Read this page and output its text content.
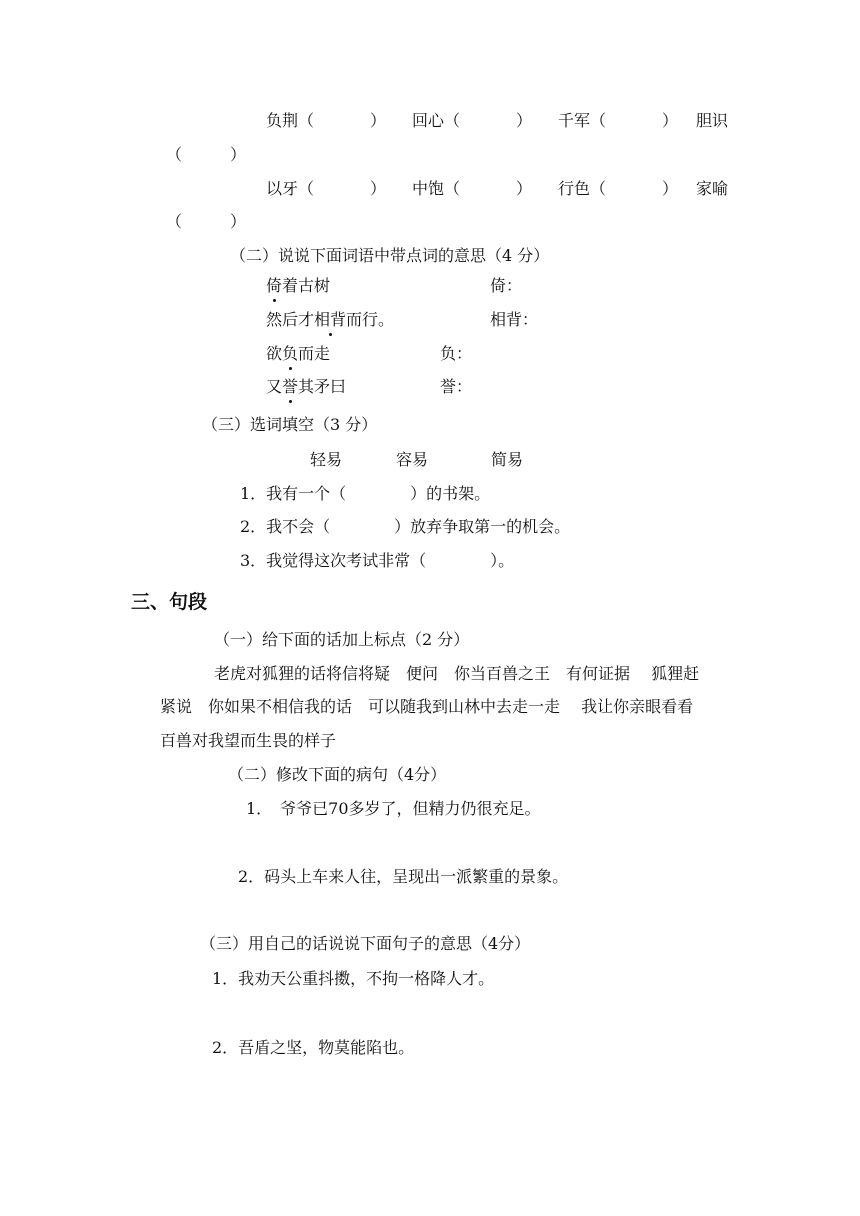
负荆（	） 回心（	） 千军（	） 胆识
（　　　）
以牙（	） 中饱（	） 行色（	） 家喻
（　　　）
（二）说说下面词语中带点词的意思（4 分）
倚着古树	倚：
然后才相背而行。	相背：
欲负而走	负：
又誉其矛曰	誉：
（三）选词填空（3 分）
轻易	容易	简易
1．我有一个（　　　　）的书架。
2．我不会（　　　　）放弃争取第一的机会。
3．我觉得这次考试非常（　　　　）。
三、句段
（一）给下面的话加上标点（2 分）
老虎对狐狸的话将信将疑　便问　你当百兽之王　有何证据　 狐狸赶
紧说　你如果不相信我的话　可以随我到山林中去走一走　 我让你亲眼看看
百兽对我望而生畏的样子
（二）修改下面的病句（4分）
1．　爷爷已70多岁了，但精力仍很充足。
2．码头上车来人往，呈现出一派繁重的景象。
（三）用自己的话说说下面句子的意思（4分）
1．我劝天公重抖擞，不拘一格降人才。
2．吾盾之坚，物莫能陷也。
